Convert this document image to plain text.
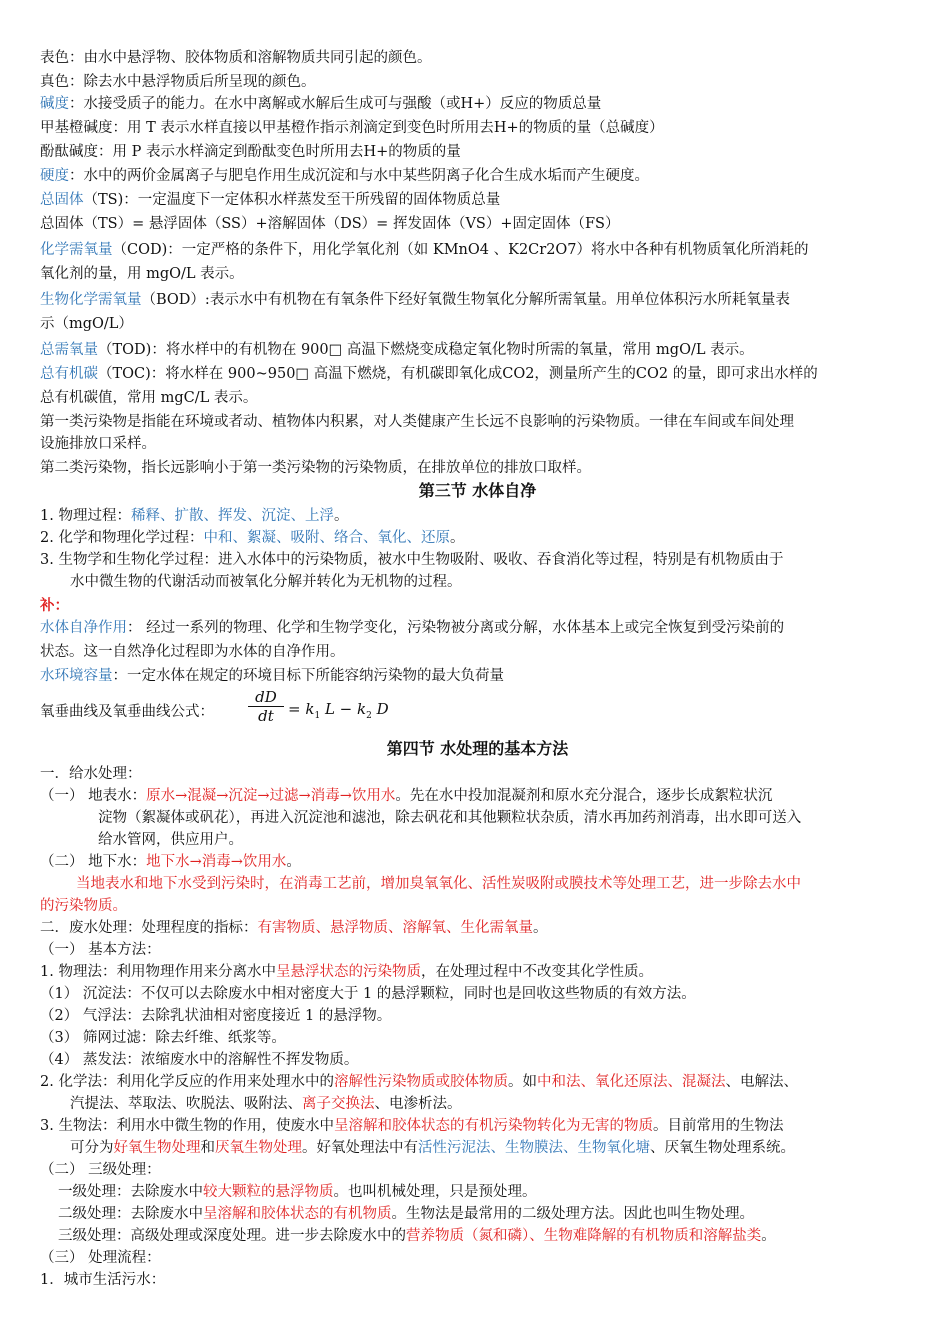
表色：由水中悬浮物、胶体物质和溶解物质共同引起的颜色。
真色：除去水中悬浮物质后所呈现的颜色。
碱度：水接受质子的能力。在水中离解或水解后生成可与强酸（或H+）反应的物质总量
甲基橙碱度：用 T 表示水样直接以甲基橙作指示剂滴定到变色时所用去H+的物质的量（总碱度）
酚酞碱度：用 P 表示水样滴定到酚酞变色时所用去H+的物质的量
硬度：水中的两价金属离子与肥皂作用生成沉淀和与水中某些阴离子化合生成水垢而产生硬度。
总固体（TS)：一定温度下一定体积水样蒸发至干所残留的固体物质总量
总固体（TS）= 悬浮固体（SS）+溶解固体（DS）= 挥发固体（VS）+固定固体（FS）
化学需氧量（COD)：一定严格的条件下，用化学氧化剂（如 KMnO4 、K2Cr2O7）将水中各种有机物质氧化所消耗的
氧化剂的量，用 mgO/L 表示。
生物化学需氧量（BOD）:表示水中有机物在有氧条件下经好氧微生物氧化分解所需氧量。用单位体积污水所耗氧量表
示（mgO/L）
总需氧量（TOD)：将水样中的有机物在 900□ 高温下燃烧变成稳定氧化物时所需的氧量，常用 mgO/L 表示。
总有机碳（TOC)：将水样在 900~950□ 高温下燃烧，有机碳即氧化成CO2，测量所产生的CO2 的量，即可求出水样的
总有机碳值，常用 mgC/L 表示。
第一类污染物是指能在环境或者动、植物体内积累，对人类健康产生长远不良影响的污染物质。一律在车间或车间处理
设施排放口采样。
第二类污染物，指长远影响小于第一类污染物的污染物质，在排放单位的排放口取样。
第三节 水体自净
1. 物理过程：稀释、扩散、挥发、沉淀、上浮。
2. 化学和物理化学过程：中和、絮凝、吸附、络合、氧化、还原。
3. 生物学和生物化学过程：进入水体中的污染物质，被水中生物吸附、吸收、吞食消化等过程，特别是有机物质由于
水中微生物的代谢活动而被氧化分解并转化为无机物的过程。
补：
水体自净作用： 经过一系列的物理、化学和生物学变化，污染物被分离或分解，水体基本上或完全恢复到受污染前的
状态。这一自然净化过程即为水体的自净作用。
水环境容量：一定水体在规定的环境目标下所能容纳污染物的最大负荷量
氧垂曲线及氧垂曲线公式：
dD
dt = $k_1$ $L - k_2$ D
第四节 水处理的基本方法
一．给水处理：
（一） 地表水：原水→混凝→沉淀→过滤→消毒→饮用水。先在水中投加混凝剂和原水充分混合，逐步长成絮粒状沉
淀物（絮凝体或矾花），再进入沉淀池和滤池，除去矾花和其他颗粒状杂质，清水再加药剂消毒，出水即可送入
给水管网，供应用户。
（二） 地下水：地下水→消毒→饮用水。
当地表水和地下水受到污染时，在消毒工艺前，增加臭氧氧化、活性炭吸附或膜技术等处理工艺，进一步除去水中
的污染物质。
二．废水处理：处理程度的指标：有害物质、悬浮物质、溶解氧、生化需氧量。
（一） 基本方法：
1. 物理法：利用物理作用来分离水中呈悬浮状态的污染物质，在处理过程中不改变其化学性质。
（1） 沉淀法：不仅可以去除废水中相对密度大于 1 的悬浮颗粒，同时也是回收这些物质的有效方法。
（2） 气浮法：去除乳状油相对密度接近 1 的悬浮物。
（3） 筛网过滤：除去纤维、纸浆等。
（4） 蒸发法：浓缩废水中的溶解性不挥发物质。
2. 化学法：利用化学反应的作用来处理水中的溶解性污染物质或胶体物质。如中和法、氧化还原法、混凝法、电解法、
汽提法、萃取法、吹脱法、吸附法、离子交换法、电渗析法。
3. 生物法：利用水中微生物的作用，使废水中呈溶解和胶体状态的有机污染物转化为无害的物质。目前常用的生物法
可分为好氧生物处理和厌氧生物处理。好氧处理法中有活性污泥法、生物膜法、生物氧化塘、厌氧生物处理系统。
（二） 三级处理：
一级处理：去除废水中较大颗粒的悬浮物质。也叫机械处理，只是预处理。
二级处理：去除废水中呈溶解和胶体状态的有机物质。生物法是最常用的二级处理方法。因此也叫生物处理。
三级处理：高级处理或深度处理。进一步去除废水中的营养物质（氮和磷）、生物难降解的有机物质和溶解盐类。
（三） 处理流程：
1．城市生活污水：
